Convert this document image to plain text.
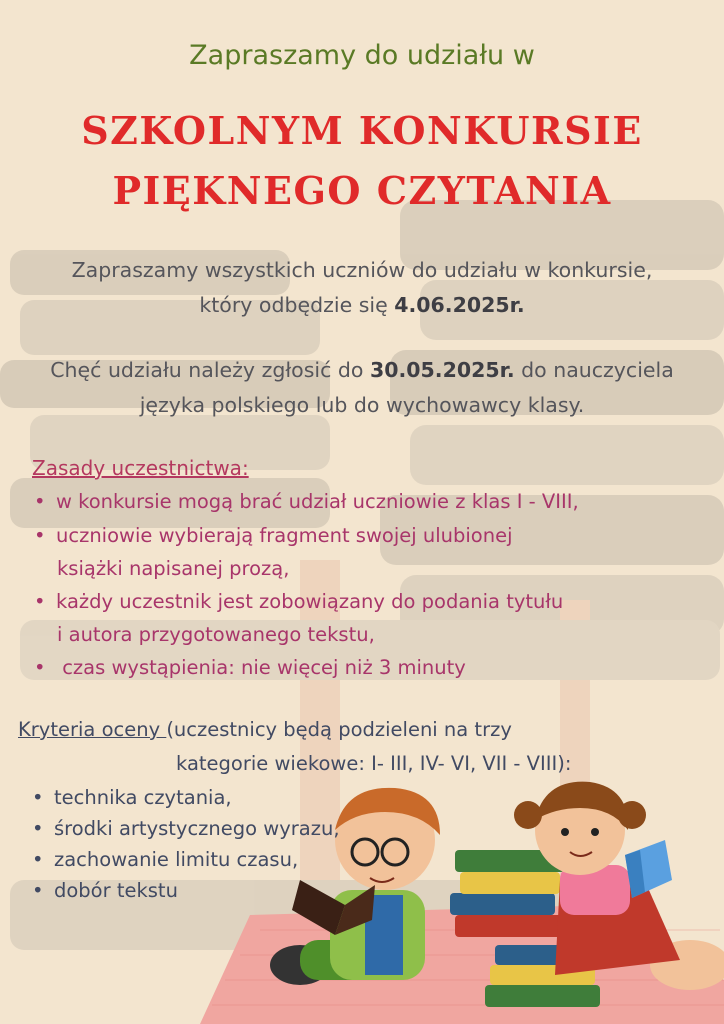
Zapraszamy do udziału w

SZKOLNYM KONKURSIE
PIĘKNEGO CZYTANIA

Zapraszamy wszystkich uczniów do udziału w konkursie,

który odbędzie się 4.06.2025r.

Chęć udziału należy zgłosić do 30.05.2025r. do nauczyciela

języka polskiego lub do wychowawcy klasy.

Zasady uczestnictwa:

• w konkursie mogą brać udział uczniowie z klas I - VIII,

• uczniowie wybierają fragment swojej ulubionej

książki napisanej prozą,

• każdy uczestnik jest zobowiązany do podania tytułu

i autora przygotowanego tekstu,

• czas wystąpienia: nie więcej niż 3 minuty

Kryteria oceny (uczestnicy będą podzieleni na trzy

kategorie wiekowe: I- III, IV- VI, VII - VIII):

• technika czytania,

• środki artystycznego wyrazu,

• zachowanie limitu czasu,

• dobór tekstu
